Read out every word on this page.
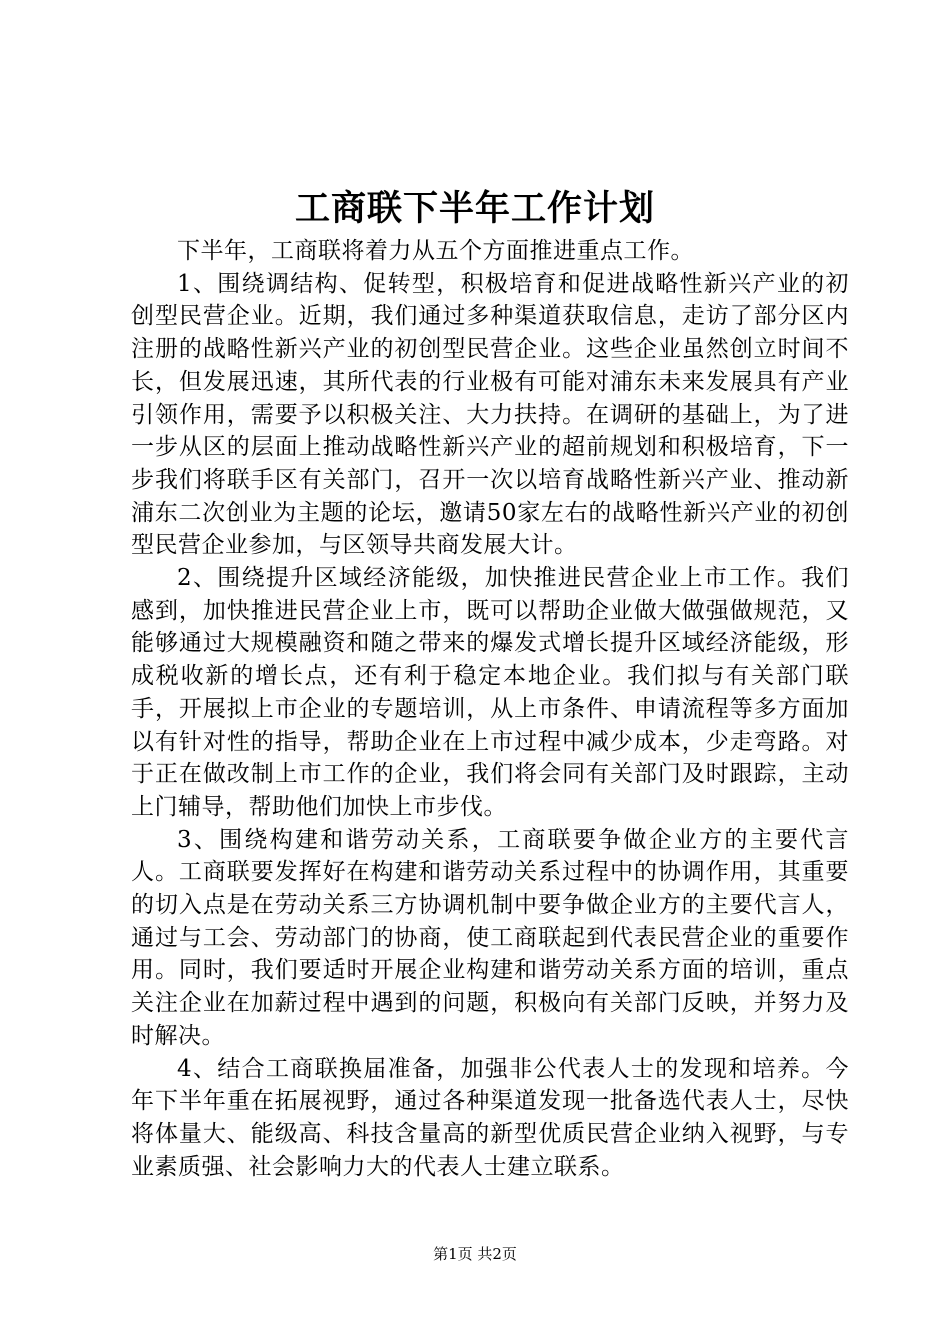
工商联下半年工作计划

下半年，工商联将着力从五个方面推进重点工作。

1、围绕调结构、促转型，积极培育和促进战略性新兴产业的初创型民营企业。近期，我们通过多种渠道获取信息，走访了部分区内注册的战略性新兴产业的初创型民营企业。这些企业虽然创立时间不长，但发展迅速，其所代表的行业极有可能对浦东未来发展具有产业引领作用，需要予以积极关注、大力扶持。在调研的基础上，为了进一步从区的层面上推动战略性新兴产业的超前规划和积极培育，下一步我们将联手区有关部门，召开一次以培育战略性新兴产业、推动新浦东二次创业为主题的论坛，邀请50家左右的战略性新兴产业的初创型民营企业参加，与区领导共商发展大计。

2、围绕提升区域经济能级，加快推进民营企业上市工作。我们感到，加快推进民营企业上市，既可以帮助企业做大做强做规范，又能够通过大规模融资和随之带来的爆发式增长提升区域经济能级，形成税收新的增长点，还有利于稳定本地企业。我们拟与有关部门联手，开展拟上市企业的专题培训，从上市条件、申请流程等多方面加以有针对性的指导，帮助企业在上市过程中减少成本，少走弯路。对于正在做改制上市工作的企业，我们将会同有关部门及时跟踪，主动上门辅导，帮助他们加快上市步伐。

3、围绕构建和谐劳动关系，工商联要争做企业方的主要代言人。工商联要发挥好在构建和谐劳动关系过程中的协调作用，其重要的切入点是在劳动关系三方协调机制中要争做企业方的主要代言人，通过与工会、劳动部门的协商，使工商联起到代表民营企业的重要作用。同时，我们要适时开展企业构建和谐劳动关系方面的培训，重点关注企业在加薪过程中遇到的问题，积极向有关部门反映，并努力及时解决。

4、结合工商联换届准备，加强非公代表人士的发现和培养。今年下半年重在拓展视野，通过各种渠道发现一批备选代表人士，尽快将体量大、能级高、科技含量高的新型优质民营企业纳入视野，与专业素质强、社会影响力大的代表人士建立联系。

第1页 共2页
